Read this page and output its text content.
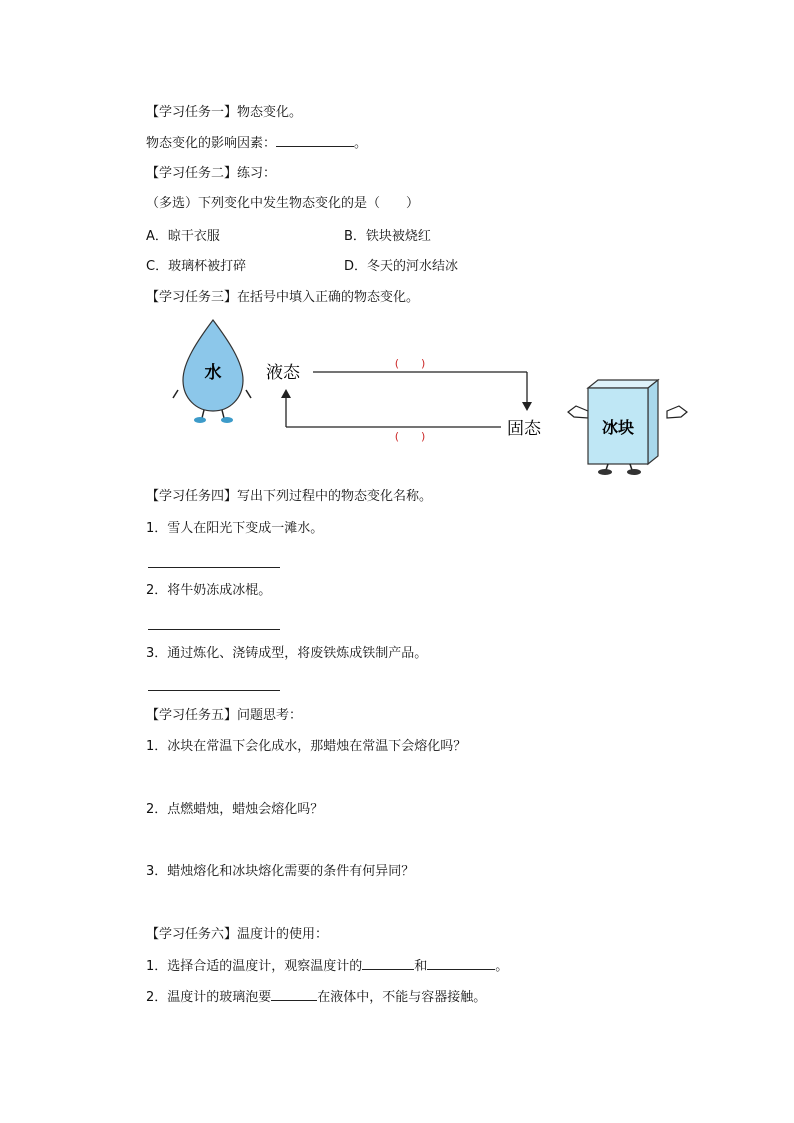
【学习任务一】物态变化。
物态变化的影响因素：	。
【学习任务二】练习：
（多选）下列变化中发生物态变化的是（　　）
A．晾干衣服	B．铁块被烧红
C．玻璃杯被打碎	D．冬天的河水结冰
【学习任务三】在括号中填入正确的物态变化。
水	液态
固态
(　　)
(　　)	冰块
【学习任务四】写出下列过程中的物态变化名称。
1．雪人在阳光下变成一滩水。
2．将牛奶冻成冰棍。
3．通过炼化、浇铸成型，将废铁炼成铁制产品。
【学习任务五】问题思考：
1．冰块在常温下会化成水，那蜡烛在常温下会熔化吗？
2．点燃蜡烛，蜡烛会熔化吗？
3．蜡烛熔化和冰块熔化需要的条件有何异同？
【学习任务六】温度计的使用：
1．选择合适的温度计，观察温度计的	和	。
2．温度计的玻璃泡要	在液体中，不能与容器接触。
